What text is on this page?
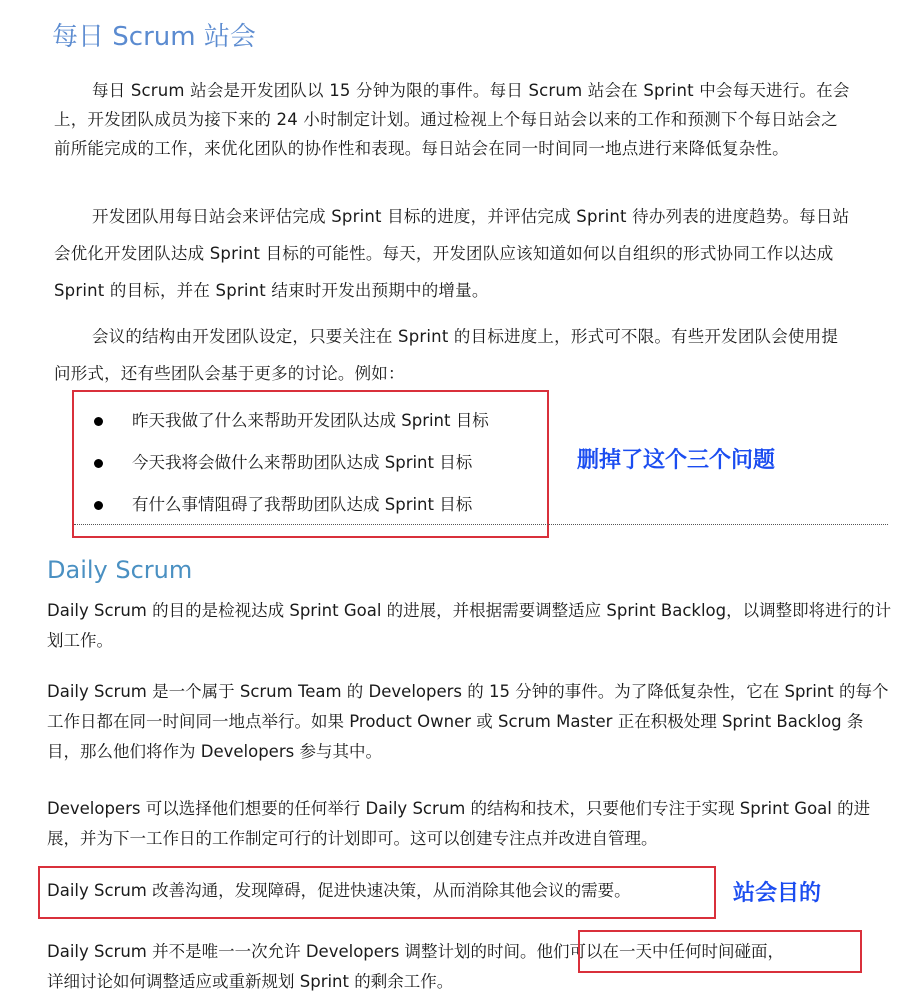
每日 Scrum 站会

每日 Scrum 站会是开发团队以 15 分钟为限的事件。每日 Scrum 站会在 Sprint 中会每天进行。在会上，开发团队成员为接下来的 24 小时制定计划。通过检视上个每日站会以来的工作和预测下个每日站会之前所能完成的工作，来优化团队的协作性和表现。每日站会在同一时间同一地点进行来降低复杂性。

开发团队用每日站会来评估完成 Sprint 目标的进度，并评估完成 Sprint 待办列表的进度趋势。每日站会优化开发团队达成 Sprint 目标的可能性。每天，开发团队应该知道如何以自组织的形式协同工作以达成 Sprint 的目标，并在 Sprint 结束时开发出预期中的增量。

会议的结构由开发团队设定，只要关注在 Sprint 的目标进度上，形式可不限。有些开发团队会使用提问形式，还有些团队会基于更多的讨论。例如：

昨天我做了什么来帮助开发团队达成 Sprint 目标
今天我将会做什么来帮助团队达成 Sprint 目标
有什么事情阻碍了我帮助团队达成 Sprint 目标
删掉了这个三个问题
Daily Scrum

Daily Scrum 的目的是检视达成 Sprint Goal 的进展，并根据需要调整适应 Sprint Backlog，以调整即将进行的计划工作。

Daily Scrum 是一个属于 Scrum Team 的 Developers 的 15 分钟的事件。为了降低复杂性，它在 Sprint 的每个工作日都在同一时间同一地点举行。如果 Product Owner 或 Scrum Master 正在积极处理 Sprint Backlog 条目，那么他们将作为 Developers 参与其中。

Developers 可以选择他们想要的任何举行 Daily Scrum 的结构和技术，只要他们专注于实现 Sprint Goal 的进展，并为下一工作日的工作制定可行的计划即可。这可以创建专注点并改进自管理。

Daily Scrum 改善沟通，发现障碍，促进快速决策，从而消除其他会议的需要。	站会目的

Daily Scrum 并不是唯一一次允许 Developers 调整计划的时间。他们可以在一天中任何时间碰面，
详细讨论如何调整适应或重新规划 Sprint 的剩余工作。
